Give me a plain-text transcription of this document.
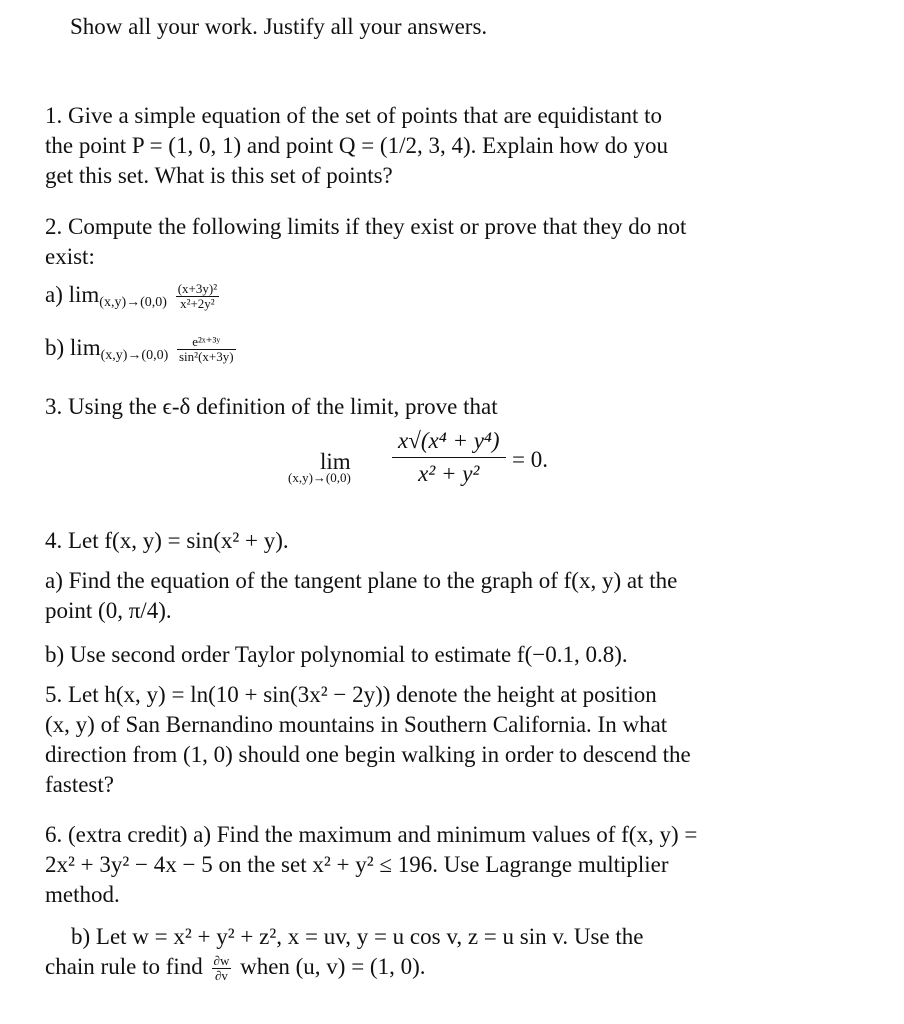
Show all your work. Justify all your answers.
1. Give a simple equation of the set of points that are equidistant to
the point P = (1, 0, 1) and point Q = (1/2, 3, 4). Explain how do you
get this set. What is this set of points?
2. Compute the following limits if they exist or prove that they do not
exist:
a) $\lim_{(x,y)\to(0,0)} \frac{\text{(x+3y)²}}{\text{x²+2y²}}$
b) $\lim_{(x,y)\to(0,0)} \frac{\text{e²ˣ⁺³ʸ}}{\text{sin²(x+3y)}}$
3. Using the ϵ-δ definition of the limit, prove that
lim
$(x,y)\to(0,0) \frac{\text{x√(x⁴ + y⁴)}}{\text{x² + y²}} = 0$.
4. Let f(x, y) = sin(x² + y).
a) Find the equation of the tangent plane to the graph of f(x, y) at the
point (0, π/4).
b) Use second order Taylor polynomial to estimate f(−0.1, 0.8).
5. Let h(x, y) = ln(10 + sin(3x² − 2y)) denote the height at position
(x, y) of San Bernandino mountains in Southern California. In what
direction from (1, 0) should one begin walking in order to descend the
fastest?
6. (extra credit) a) Find the maximum and minimum values of f(x, y) =
2x² + 3y² − 4x − 5 on the set x² + y² ≤ 196. Use Lagrange multiplier
method.
b) Let w = x² + y² + z², x = uv, y = u cos v, z = u sin v. Use the
chain rule to find $\frac{\partial w}{\partial v}$ when (u, v) = (1, 0).
